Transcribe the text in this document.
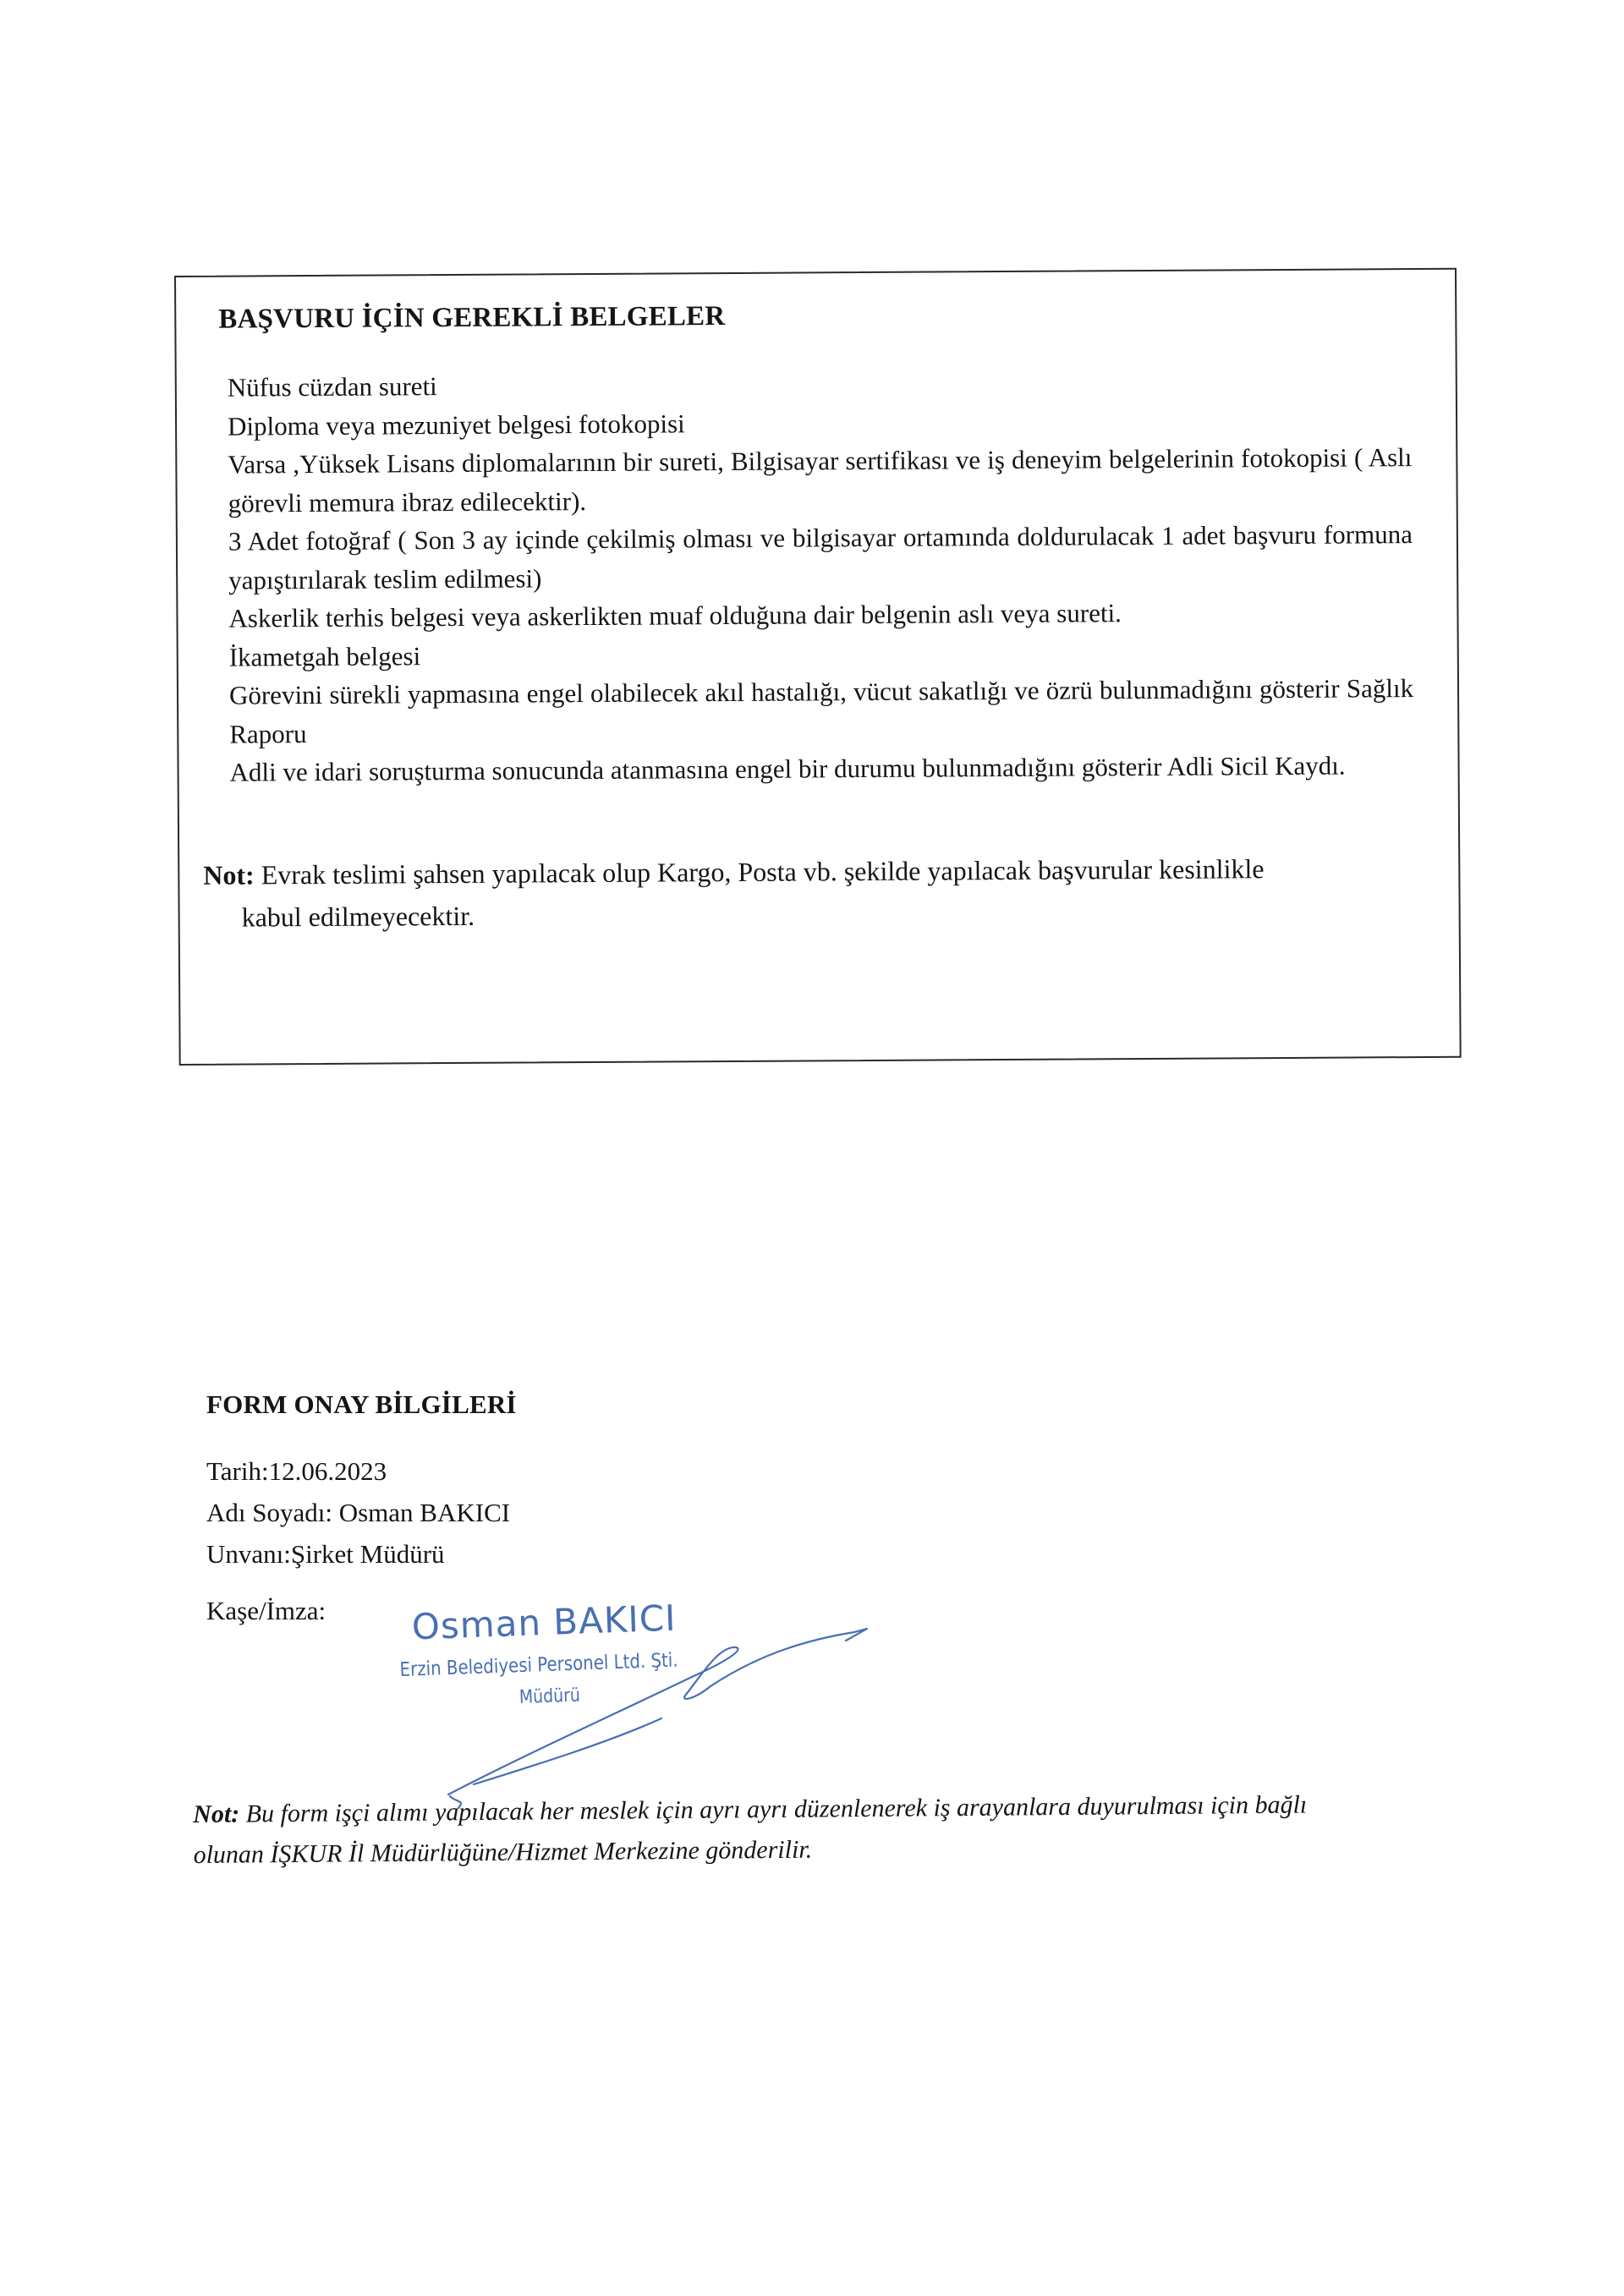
BAŞVURU İÇİN GEREKLİ BELGELER
Nüfus cüzdan sureti
Diploma veya mezuniyet belgesi fotokopisi
Varsa ,Yüksek Lisans diplomalarının bir sureti, Bilgisayar sertifikası ve iş deneyim belgelerinin fotokopisi ( Aslı görevli memura ibraz edilecektir).
3 Adet fotoğraf ( Son 3 ay içinde çekilmiş olması ve bilgisayar ortamında doldurulacak 1 adet başvuru formuna yapıştırılarak teslim edilmesi)
Askerlik terhis belgesi veya askerlikten muaf olduğuna dair belgenin aslı veya sureti.
İkametgah belgesi
Görevini sürekli yapmasına engel olabilecek akıl hastalığı, vücut sakatlığı ve özrü bulunmadığını gösterir Sağlık Raporu
Adli ve idari soruşturma sonucunda atanmasına engel bir durumu bulunmadığını gösterir Adli Sicil Kaydı.
Not: Evrak teslimi şahsen yapılacak olup Kargo, Posta vb. şekilde yapılacak başvurular kesinlikle
kabul edilmeyecektir.
FORM ONAY BİLGİLERİ
Tarih:12.06.2023
Adı Soyadı: Osman BAKICI
Unvanı:Şirket Müdürü
Kaşe/İmza:	Osman BAKICI
Erzin Belediyesi Personel Ltd. Şti.
Müdürü
Not: Bu form işçi alımı yapılacak her meslek için ayrı ayrı düzenlenerek iş arayanlara duyurulması için bağlı
olunan İŞKUR İl Müdürlüğüne/Hizmet Merkezine gönderilir.
